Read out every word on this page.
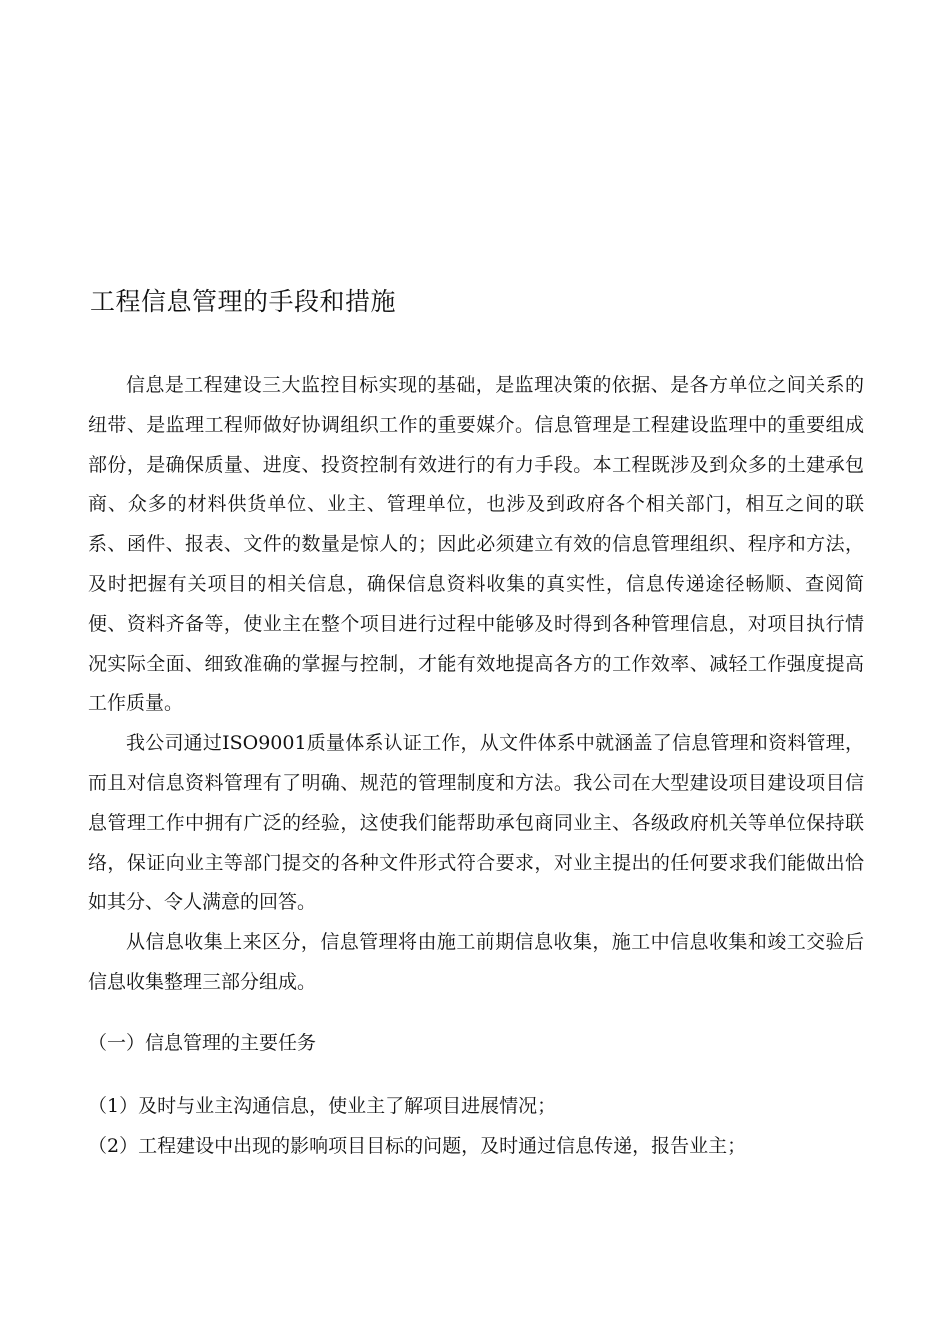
工程信息管理的手段和措施

信息是工程建设三大监控目标实现的基础，是监理决策的依据、是各方单位之间关系的纽带、是监理工程师做好协调组织工作的重要媒介。信息管理是工程建设监理中的重要组成部份，是确保质量、进度、投资控制有效进行的有力手段。本工程既涉及到众多的土建承包商、众多的材料供货单位、业主、管理单位，也涉及到政府各个相关部门，相互之间的联系、函件、报表、文件的数量是惊人的；因此必须建立有效的信息管理组织、程序和方法，及时把握有关项目的相关信息，确保信息资料收集的真实性，信息传递途径畅顺、查阅简便、资料齐备等，使业主在整个项目进行过程中能够及时得到各种管理信息，对项目执行情况实际全面、细致准确的掌握与控制，才能有效地提高各方的工作效率、减轻工作强度提高工作质量。

我公司通过ISO9001质量体系认证工作，从文件体系中就涵盖了信息管理和资料管理，而且对信息资料管理有了明确、规范的管理制度和方法。我公司在大型建设项目建设项目信息管理工作中拥有广泛的经验，这使我们能帮助承包商同业主、各级政府机关等单位保持联络，保证向业主等部门提交的各种文件形式符合要求，对业主提出的任何要求我们能做出恰如其分、令人满意的回答。

从信息收集上来区分，信息管理将由施工前期信息收集，施工中信息收集和竣工交验后信息收集整理三部分组成。

（一）信息管理的主要任务
（1）及时与业主沟通信息，使业主了解项目进展情况；
（2）工程建设中出现的影响项目目标的问题，及时通过信息传递，报告业主；
